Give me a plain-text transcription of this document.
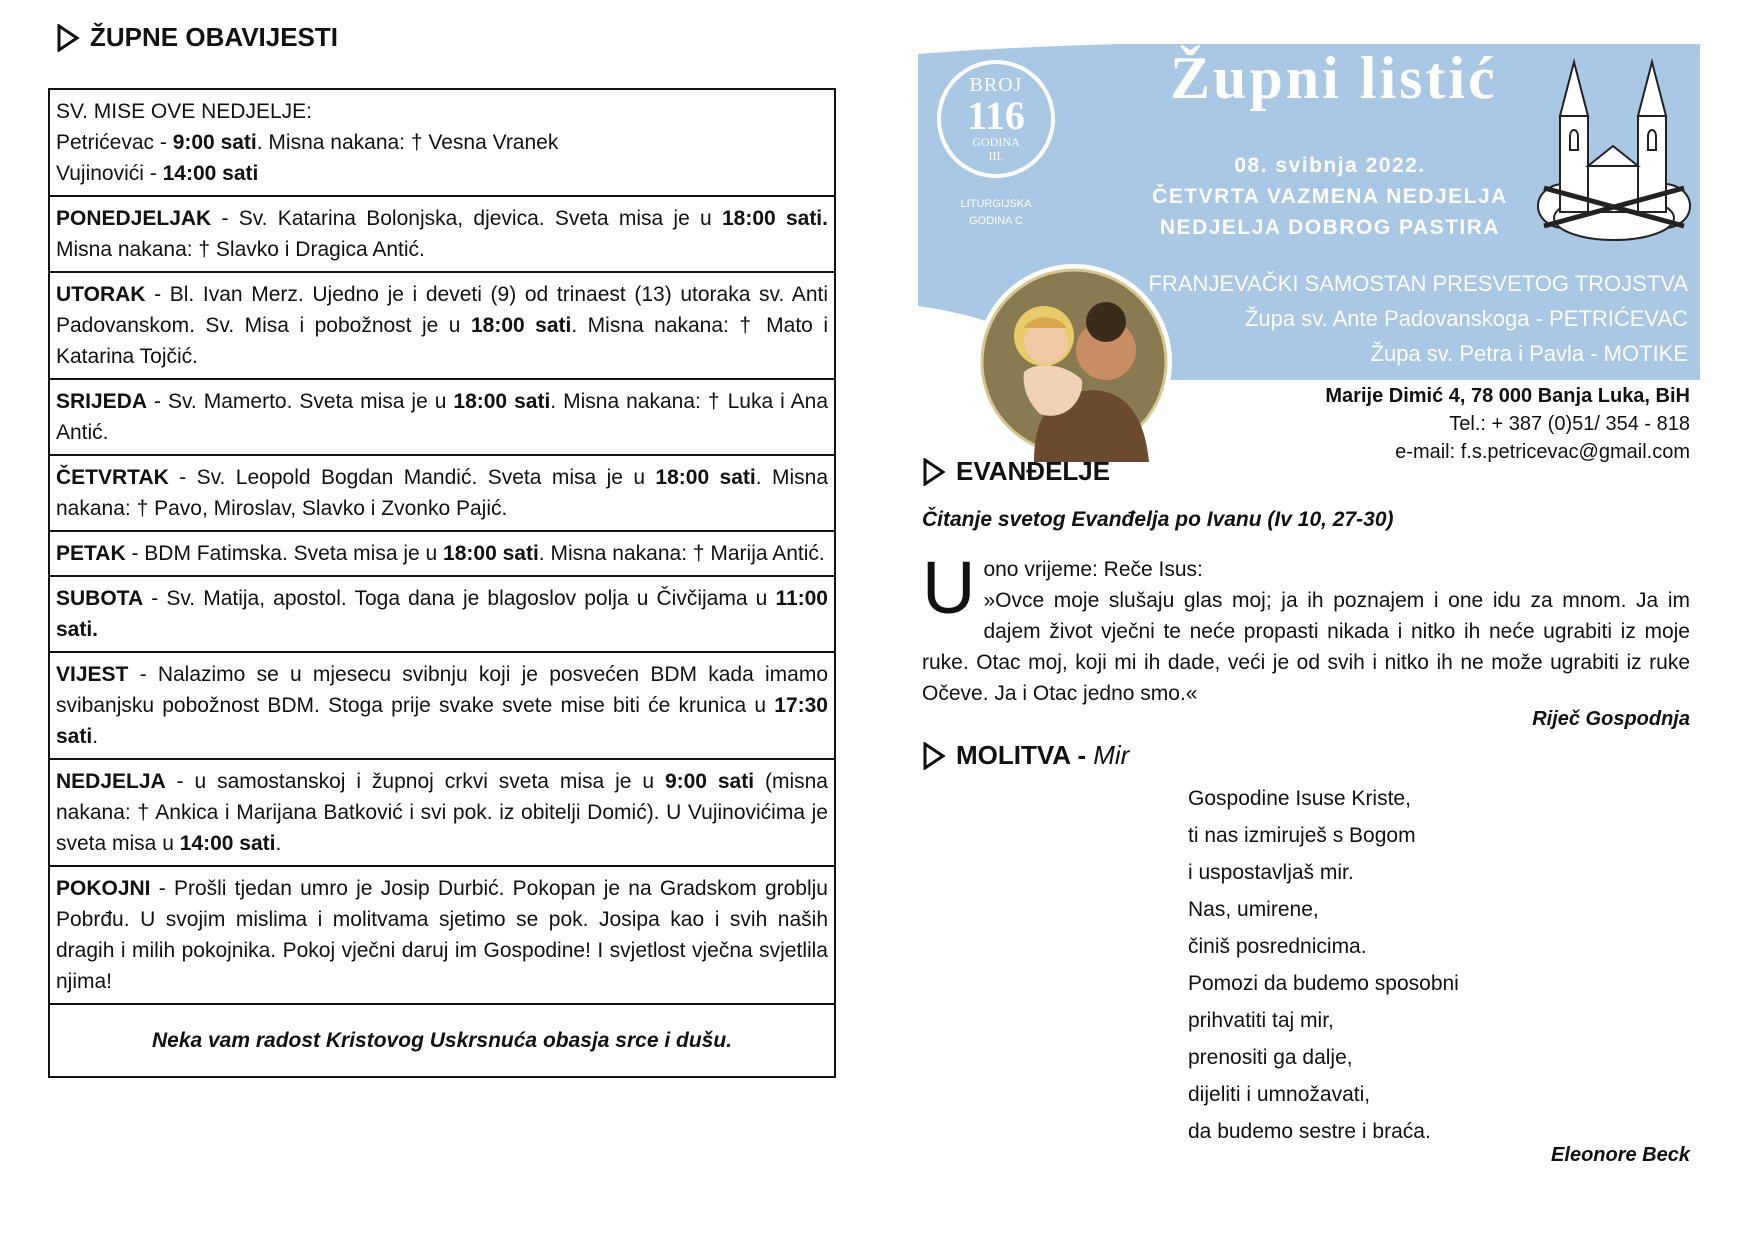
ŽUPNE OBAVIJESTI
SV. MISE OVE NEDJELJE:
Petrićevac - 9:00 sati. Misna nakana: † Vesna Vranek
Vujinovići - 14:00 sati
PONEDJELJAK - Sv. Katarina Bolonjska, djevica. Sveta misa je u 18:00 sati. Misna nakana: † Slavko i Dragica Antić.
UTORAK - Bl. Ivan Merz. Ujedno je i deveti (9) od trinaest (13) utoraka sv. Anti Padovanskom. Sv. Misa i pobožnost je u 18:00 sati. Misna nakana: † Mato i Katarina Tojčić.
SRIJEDA - Sv. Mamerto. Sveta misa je u 18:00 sati. Misna nakana: † Luka i Ana Antić.
ČETVRTAK - Sv. Leopold Bogdan Mandić. Sveta misa je u 18:00 sati. Misna nakana: † Pavo, Miroslav, Slavko i Zvonko Pajić.
PETAK - BDM Fatimska. Sveta misa je u 18:00 sati. Misna nakana: † Marija Antić.
SUBOTA - Sv. Matija, apostol. Toga dana je blagoslov polja u Čivčijama u 11:00 sati.
VIJEST - Nalazimo se u mjesecu svibnju koji je posvećen BDM kada imamo svibanjsku pobožnost BDM. Stoga prije svake svete mise biti će krunica u 17:30 sati.
NEDJELJA - u samostanskoj i župnoj crkvi sveta misa je u 9:00 sati (misna nakana: † Ankica i Marijana Batković i svi pok. iz obitelji Domić). U Vujinovićima je sveta misa u 14:00 sati.
POKOJNI - Prošli tjedan umro je Josip Durbić. Pokopan je na Gradskom groblju Pobrđu. U svojim mislima i molitvama sjetimo se pok. Josipa kao i svih naših dragih i milih pokojnika. Pokoj vječni daruj im Gospodine! I svjetlost vječna svjetlila njima!
Neka vam radost Kristovog Uskrsnuća obasja srce i dušu.
BROJ
116
GODINA
III.
LITURGIJSKA
GODINA C
Župni listić
08. svibnja 2022.
ČETVRTA VAZMENA NEDJELJA
NEDJELJA DOBROG PASTIRA
FRANJEVAČKI SAMOSTAN PRESVETOG TROJSTVA
Župa sv. Ante Padovanskoga - PETRIĆEVAC
Župa sv. Petra i Pavla - MOTIKE
Marije Dimić 4, 78 000 Banja Luka, BiH
Tel.: + 387 (0)51/ 354 - 818
e-mail: f.s.petricevac@gmail.com
EVANĐELJE
Čitanje svetog Evanđelja po Ivanu (Iv 10, 27-30)
U ono vrijeme: Reče Isus:
»Ovce moje slušaju glas moj; ja ih poznajem i one idu za mnom. Ja im dajem život vječni te neće propasti nikada i nitko ih neće ugrabiti iz moje ruke. Otac moj, koji mi ih dade, veći je od svih i nitko ih ne može ugrabiti iz ruke Očeve. Ja i Otac jedno smo.«
Riječ Gospodnja
MOLITVA - Mir
Gospodine Isuse Kriste,
ti nas izmiruješ s Bogom
i uspostavljaš mir.
Nas, umirene,
činiš posrednicima.
Pomozi da budemo sposobni
prihvatiti taj mir,
prenositi ga dalje,
dijeliti i umnožavati,
da budemo sestre i braća.
Eleonore Beck
